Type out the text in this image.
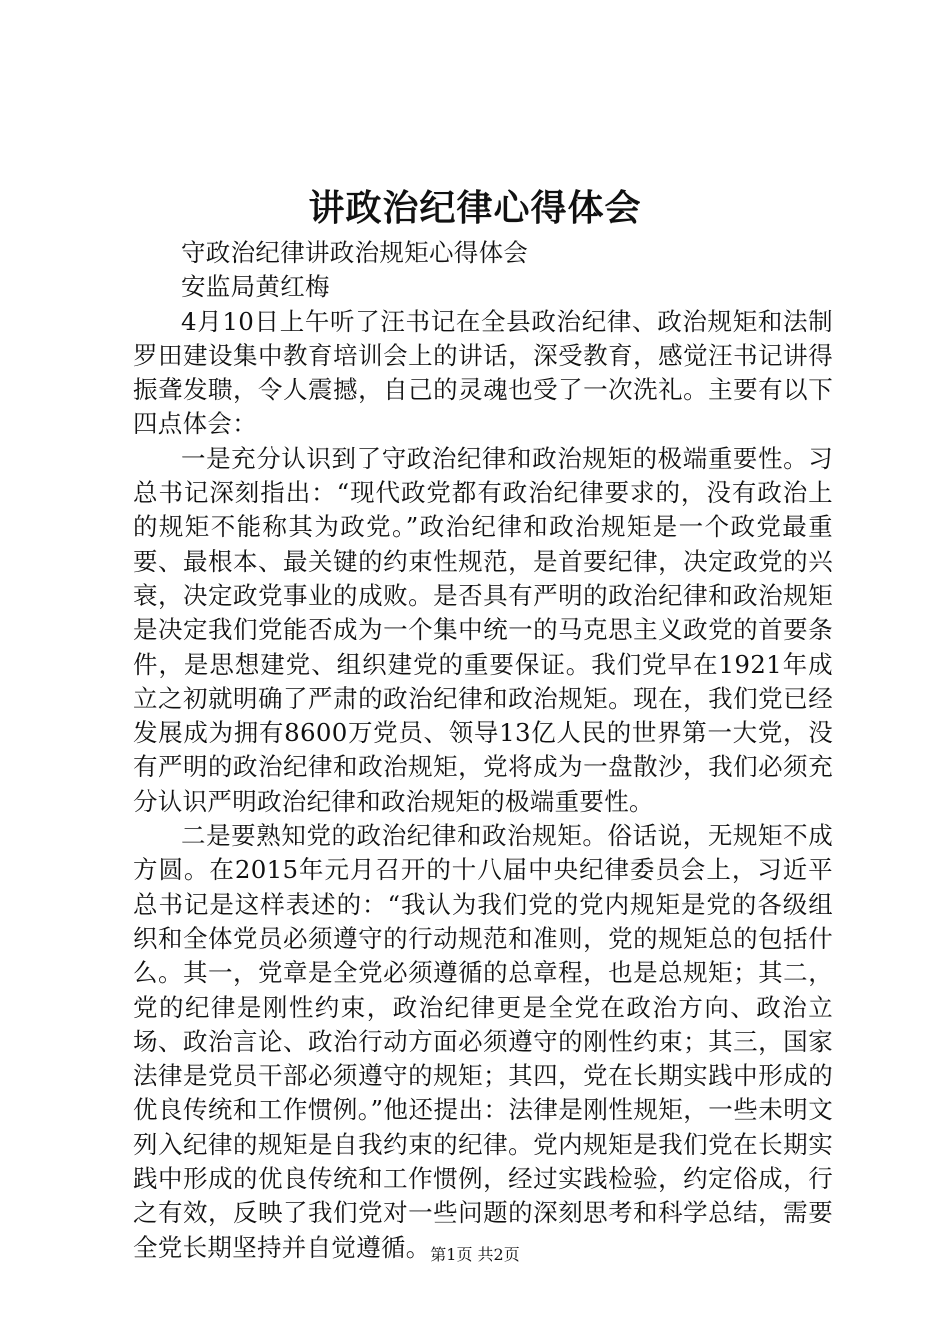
讲政治纪律心得体会

守政治纪律讲政治规矩心得体会

安监局黄红梅

4月10日上午听了汪书记在全县政治纪律、政治规矩和法制罗田建设集中教育培训会上的讲话，深受教育，感觉汪书记讲得振聋发聩，令人震撼，自己的灵魂也受了一次洗礼。主要有以下四点体会：

一是充分认识到了守政治纪律和政治规矩的极端重要性。习总书记深刻指出：“现代政党都有政治纪律要求的，没有政治上的规矩不能称其为政党。”政治纪律和政治规矩是一个政党最重要、最根本、最关键的约束性规范，是首要纪律，决定政党的兴衰，决定政党事业的成败。是否具有严明的政治纪律和政治规矩是决定我们党能否成为一个集中统一的马克思主义政党的首要条件，是思想建党、组织建党的重要保证。我们党早在1921年成立之初就明确了严肃的政治纪律和政治规矩。现在，我们党已经发展成为拥有8600万党员、领导13亿人民的世界第一大党，没有严明的政治纪律和政治规矩，党将成为一盘散沙，我们必须充分认识严明政治纪律和政治规矩的极端重要性。

二是要熟知党的政治纪律和政治规矩。俗话说，无规矩不成方圆。在2015年元月召开的十八届中央纪律委员会上，习近平总书记是这样表述的：“我认为我们党的党内规矩是党的各级组织和全体党员必须遵守的行动规范和准则，党的规矩总的包括什么。其一，党章是全党必须遵循的总章程，也是总规矩；其二，党的纪律是刚性约束，政治纪律更是全党在政治方向、政治立场、政治言论、政治行动方面必须遵守的刚性约束；其三，国家法律是党员干部必须遵守的规矩；其四，党在长期实践中形成的优良传统和工作惯例。”他还提出：法律是刚性规矩，一些未明文列入纪律的规矩是自我约束的纪律。党内规矩是我们党在长期实践中形成的优良传统和工作惯例，经过实践检验，约定俗成，行之有效，反映了我们党对一些问题的深刻思考和科学总结，需要全党长期坚持并自觉遵循。 第1页 共2页
